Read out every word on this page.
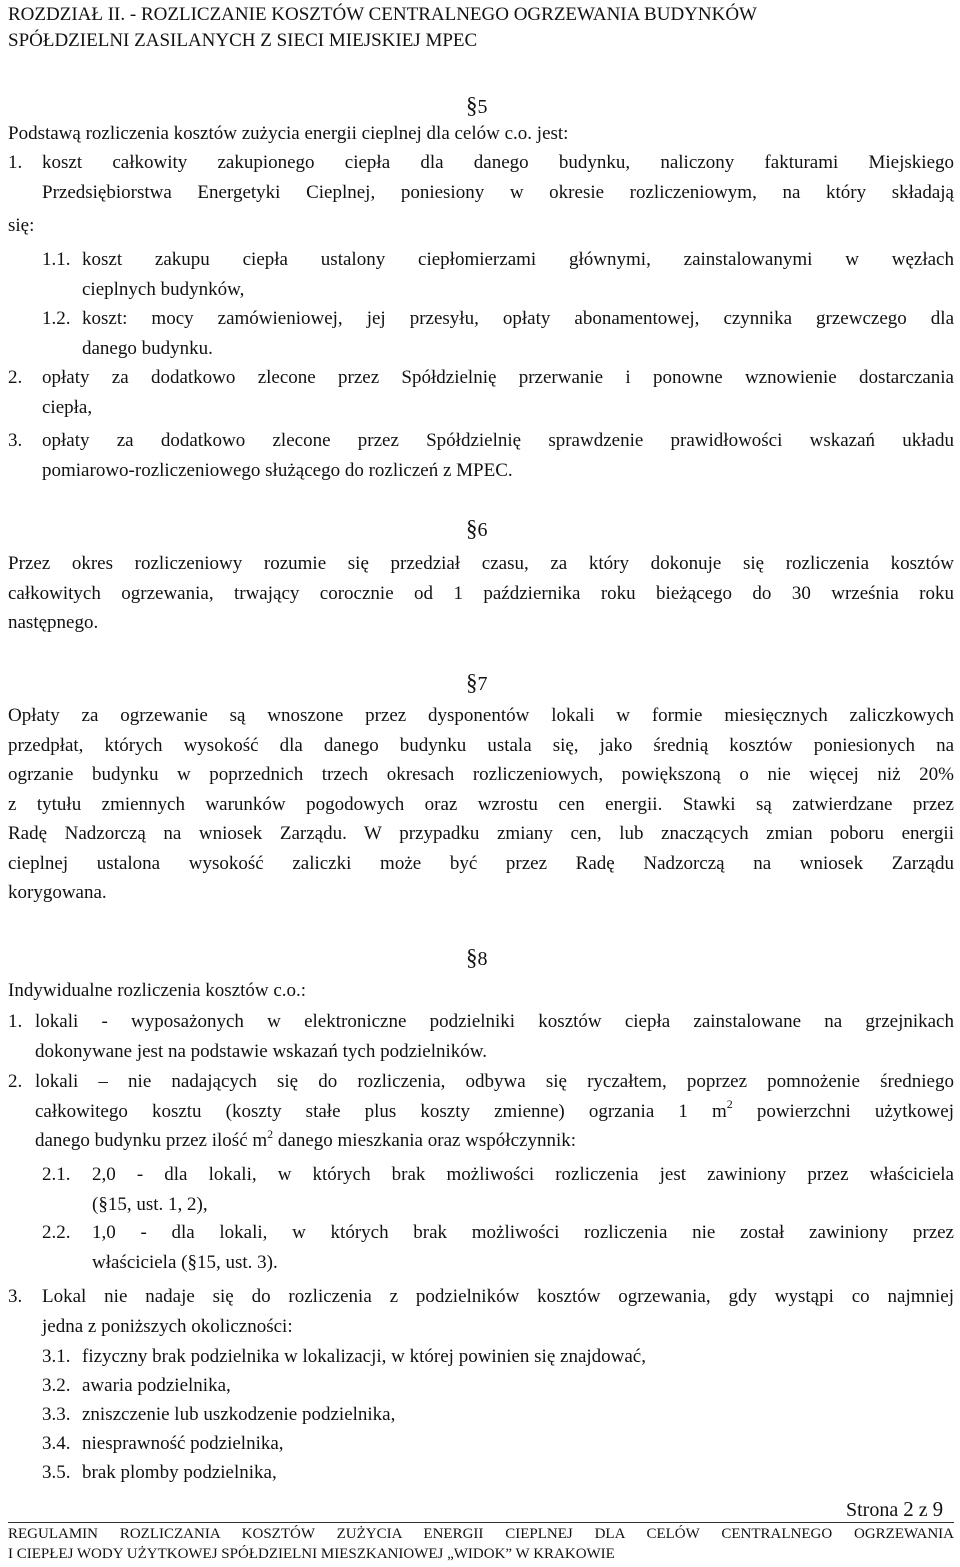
ROZDZIAŁ II. - ROZLICZANIE KOSZTÓW CENTRALNEGO OGRZEWANIA BUDYNKÓW
SPÓŁDZIELNI ZASILANYCH Z SIECI MIEJSKIEJ MPEC
§5
Podstawą rozliczenia kosztów zużycia energii cieplnej dla celów c.o. jest:
1. koszt całkowity zakupionego ciepła dla danego budynku, naliczony fakturami Miejskiego
Przedsiębiorstwa Energetyki Cieplnej, poniesiony w okresie rozliczeniowym, na który składają
się:
1.1. koszt zakupu ciepła ustalony ciepłomierzami głównymi, zainstalowanymi w węzłach
cieplnych budynków,
1.2. koszt: mocy zamówieniowej, jej przesyłu, opłaty abonamentowej, czynnika grzewczego dla
danego budynku.
2. opłaty za dodatkowo zlecone przez Spółdzielnię przerwanie i ponowne wznowienie dostarczania
ciepła,
3. opłaty za dodatkowo zlecone przez Spółdzielnię sprawdzenie prawidłowości wskazań układu
pomiarowo-rozliczeniowego służącego do rozliczeń z MPEC.
§6
Przez okres rozliczeniowy rozumie się przedział czasu, za który dokonuje się rozliczenia kosztów
całkowitych ogrzewania, trwający corocznie od 1 października roku bieżącego do 30 września roku
następnego.
§7
Opłaty za ogrzewanie są wnoszone przez dysponentów lokali w formie miesięcznych zaliczkowych
przedpłat, których wysokość dla danego budynku ustala się, jako średnią kosztów poniesionych na
ogrzanie budynku w poprzednich trzech okresach rozliczeniowych, powiększoną o nie więcej niż 20%
z tytułu zmiennych warunków pogodowych oraz wzrostu cen energii. Stawki są zatwierdzane przez
Radę Nadzorczą na wniosek Zarządu. W przypadku zmiany cen, lub znaczących zmian poboru energii
cieplnej ustalona wysokość zaliczki może być przez Radę Nadzorczą na wniosek Zarządu
korygowana.
§8
Indywidualne rozliczenia kosztów c.o.:
1. lokali - wyposażonych w elektroniczne podzielniki kosztów ciepła zainstalowane na grzejnikach
dokonywane jest na podstawie wskazań tych podzielników.
2. lokali – nie nadających się do rozliczenia, odbywa się ryczałtem, poprzez pomnożenie średniego
całkowitego kosztu (koszty stałe plus koszty zmienne) ogrzania 1 $m^2$ powierzchni użytkowej
danego budynku przez ilość $m^2$ danego mieszkania oraz współczynnik:
2.1. 2,0 - dla lokali, w których brak możliwości rozliczenia jest zawiniony przez właściciela
(§15, ust. 1, 2),
2.2. 1,0 - dla lokali, w których brak możliwości rozliczenia nie został zawiniony przez
właściciela (§15, ust. 3).
3. Lokal nie nadaje się do rozliczenia z podzielników kosztów ogrzewania, gdy wystąpi co najmniej
jedna z poniższych okoliczności:
3.1. fizyczny brak podzielnika w lokalizacji, w której powinien się znajdować,
3.2. awaria podzielnika,
3.3. zniszczenie lub uszkodzenie podzielnika,
3.4. niesprawność podzielnika,
3.5. brak plomby podzielnika,
Strona 2 z 9
REGULAMIN ROZLICZANIA KOSZTÓW ZUŻYCIA ENERGII CIEPLNEJ DLA CELÓW CENTRALNEGO OGRZEWANIA
I CIEPŁEJ WODY UŻYTKOWEJ SPÓŁDZIELNI MIESZKANIOWEJ „WIDOK” W KRAKOWIE
